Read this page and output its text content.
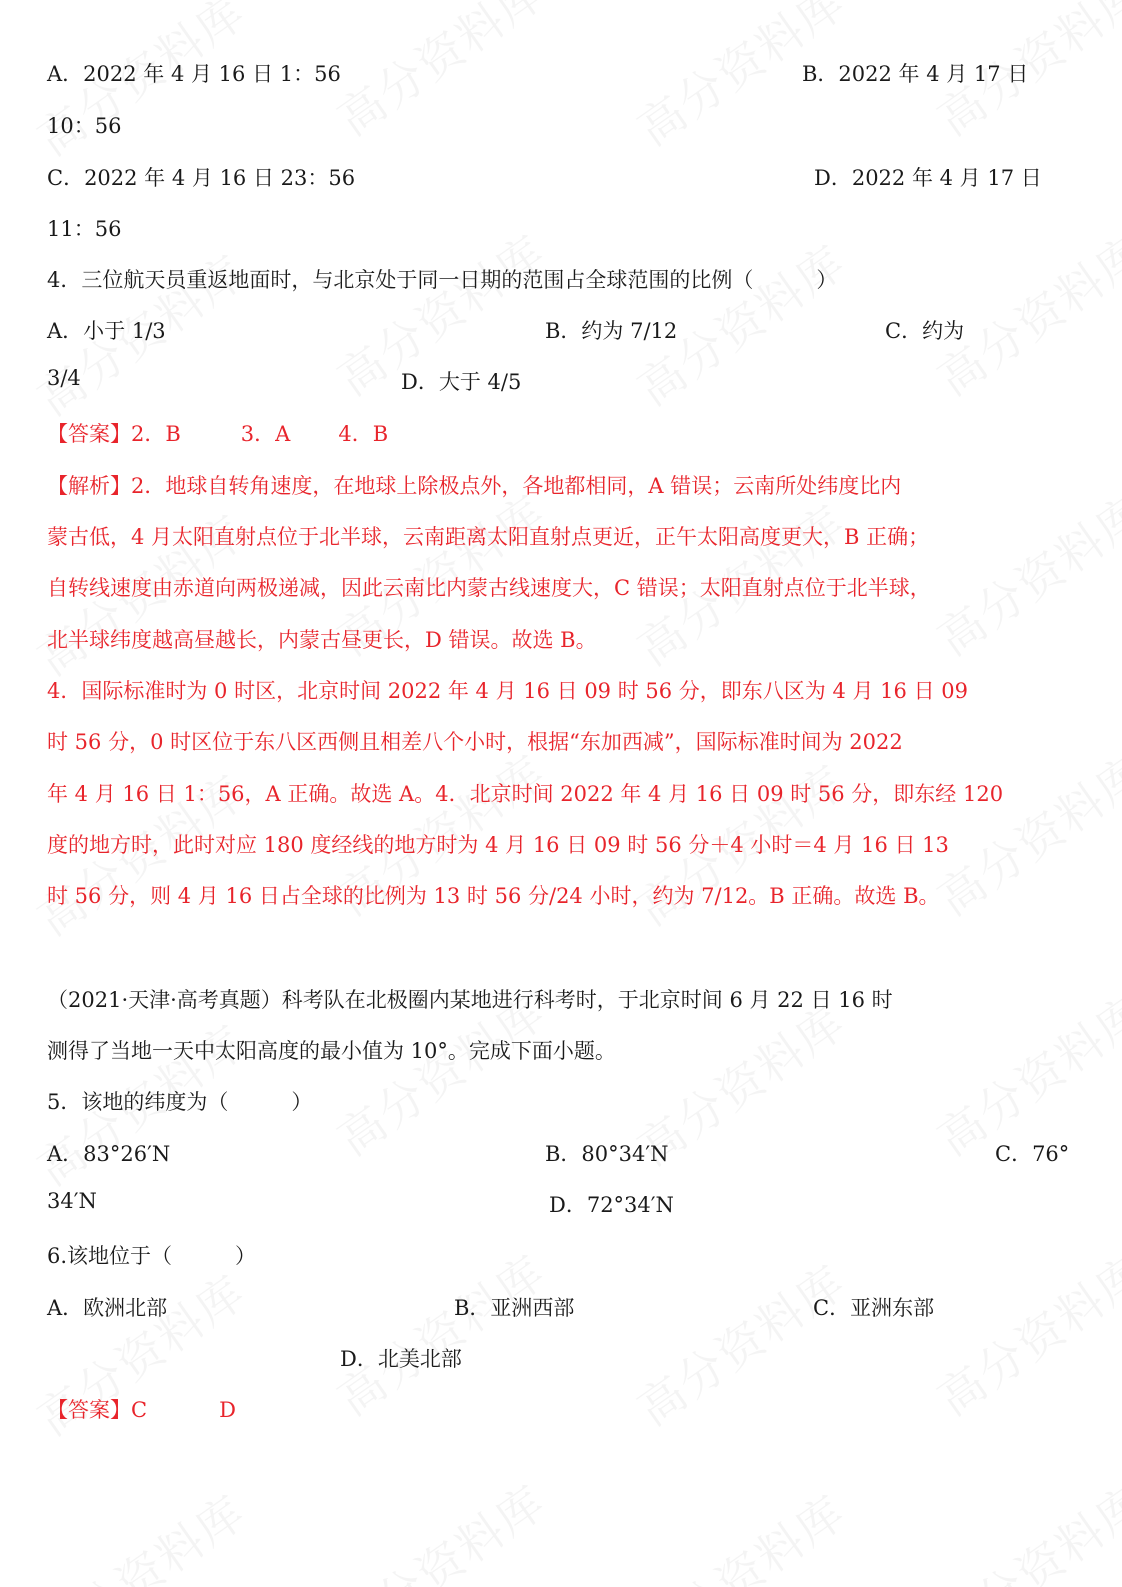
A．2022 年 4 月 16 日 1：56	B．2022 年 4 月 17 日
10：56
C．2022 年 4 月 16 日 23：56	D．2022 年 4 月 17 日
11：56
4．三位航天员重返地面时，与北京处于同一日期的范围占全球范围的比例（　　　）
A．小于 1/3	B．约为 7/12	C．约为
3/4	D．大于 4/5
【答案】2．B	3．A 4．B
【解析】2．地球自转角速度，在地球上除极点外，各地都相同，A 错误；云南所处纬度比内
蒙古低，4 月太阳直射点位于北半球，云南距离太阳直射点更近，正午太阳高度更大，B 正确；
自转线速度由赤道向两极递减，因此云南比内蒙古线速度大，C 错误；太阳直射点位于北半球，
北半球纬度越高昼越长，内蒙古昼更长，D 错误。故选 B。
4．国际标准时为 0 时区，北京时间 2022 年 4 月 16 日 09 时 56 分，即东八区为 4 月 16 日 09
时 56 分，0 时区位于东八区西侧且相差八个小时，根据“东加西减”，国际标准时间为 2022
年 4 月 16 日 1：56，A 正确。故选 A。4．北京时间 2022 年 4 月 16 日 09 时 56 分，即东经 120
度的地方时，此时对应 180 度经线的地方时为 4 月 16 日 09 时 56 分＋4 小时＝4 月 16 日 13
时 56 分，则 4 月 16 日占全球的比例为 13 时 56 分/24 小时，约为 7/12。B 正确。故选 B。
（2021·天津·高考真题）科考队在北极圈内某地进行科考时，于北京时间 6 月 22 日 16 时
测得了当地一天中太阳高度的最小值为 10°。完成下面小题。
5．该地的纬度为（　　　）
A．83°26′N	B．80°34′N	C．76°
34′N	D．72°34′N
6.该地位于（　　　）
A．欧洲北部	B．亚洲西部	C．亚洲东部
D．北美北部
【答案】C	D
